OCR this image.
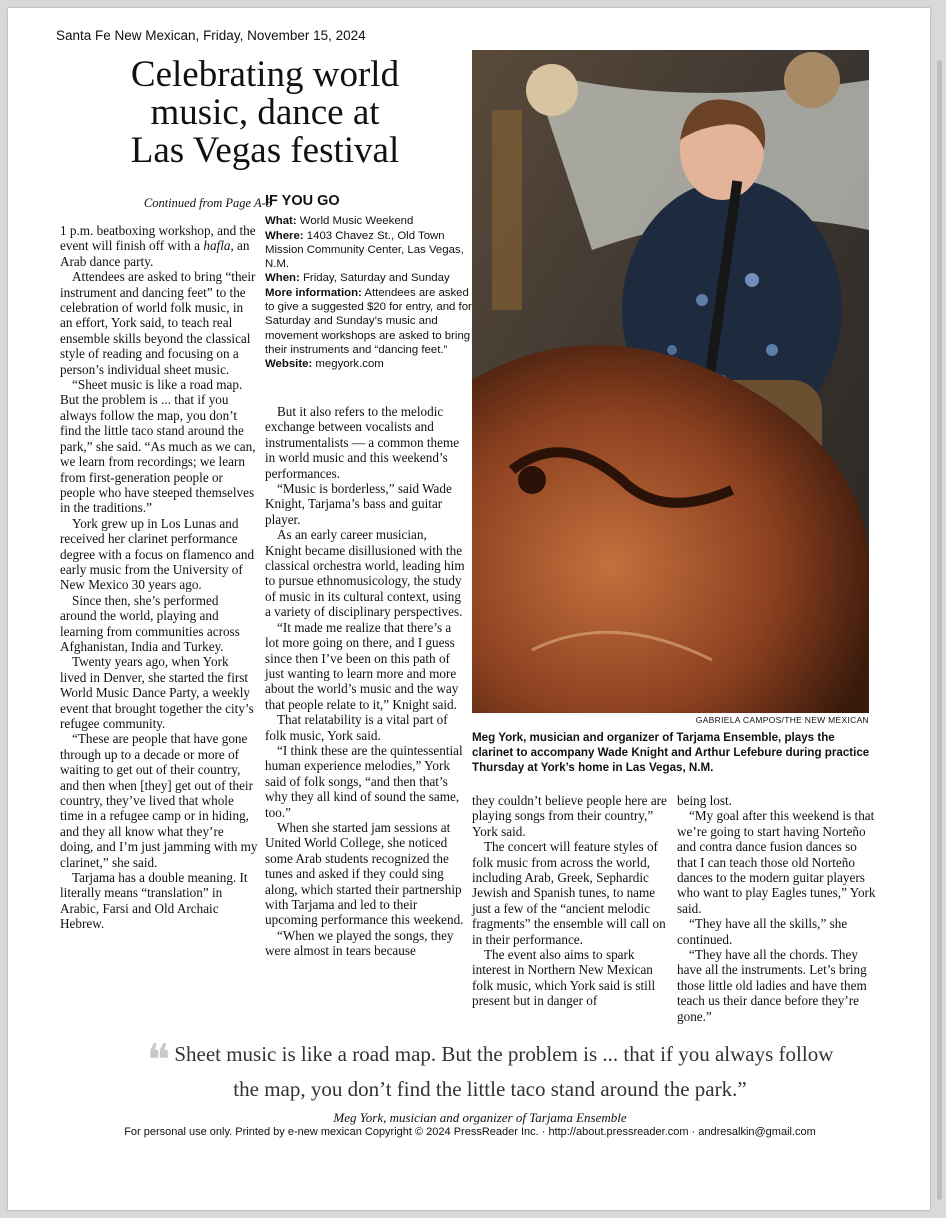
Santa Fe New Mexican, Friday, November 15, 2024
Celebrating world
music, dance at
Las Vegas festival
Continued from Page A-8

1 p.m. beatboxing workshop, and the event will finish off with a hafla, an Arab dance party.

Attendees are asked to bring “their instrument and dancing feet” to the celebration of world folk music, in an effort, York said, to teach real ensemble skills beyond the classical style of reading and focusing on a person’s individual sheet music.

“Sheet music is like a road map. But the problem is ... that if you always follow the map, you don’t find the little taco stand around the park,” she said. “As much as we can, we learn from recordings; we learn from first-generation people or people who have steeped themselves in the traditions.”

York grew up in Los Lunas and received her clarinet performance degree with a focus on flamenco and early music from the University of New Mexico 30 years ago.

Since then, she’s performed around the world, playing and learning from communities across Afghanistan, India and Turkey.

Twenty years ago, when York lived in Denver, she started the first World Music Dance Party, a weekly event that brought together the city’s refugee community.

“These are people that have gone through up to a decade or more of waiting to get out of their country, and then when [they] get out of their country, they’ve lived that whole time in a refugee camp or in hiding, and they all know what they’re doing, and I’m just jamming with my clarinet,” she said.

Tarjama has a double meaning. It literally means “translation” in Arabic, Farsi and Old Archaic Hebrew.

IF YOU GO

What: World Music Weekend

Where: 1403 Chavez St., Old Town Mission Community Center, Las Vegas, N.M.

When: Friday, Saturday and Sunday

More information: Attendees are asked to give a suggested $20 for entry, and for Saturday and Sunday’s music and movement workshops are asked to bring their instruments and “dancing feet.”

Website: megyork.com

But it also refers to the melodic exchange between vocalists and instrumentalists — a common theme in world music and this weekend’s performances.

“Music is borderless,” said Wade Knight, Tarjama’s bass and guitar player.

As an early career musician, Knight became disillusioned with the classical orchestra world, leading him to pursue ethnomusicology, the study of music in its cultural context, using a variety of disciplinary perspectives.

“It made me realize that there’s a lot more going on there, and I guess since then I’ve been on this path of just wanting to learn more and more about the world’s music and the way that people relate to it,” Knight said.

That relatability is a vital part of folk music, York said.

“I think these are the quintessential human experience melodies,” York said of folk songs, “and then that’s why they all kind of sound the same, too.”

When she started jam sessions at United World College, she noticed some Arab students recognized the tunes and asked if they could sing along, which started their partnership with Tarjama and led to their upcoming performance this weekend.

“When we played the songs, they were almost in tears because

GABRIELA CAMPOS/THE NEW MEXICAN
Meg York, musician and organizer of Tarjama Ensemble, plays the clarinet to accompany Wade Knight and Arthur Lefebure during practice Thursday at York’s home in Las Vegas, N.M.

they couldn’t believe people here are playing songs from their country,” York said.

The concert will feature styles of folk music from across the world, including Arab, Greek, Sephardic Jewish and Spanish tunes, to name just a few of the “ancient melodic fragments” the ensemble will call on in their performance.

The event also aims to spark interest in Northern New Mexican folk music, which York said is still present but in danger of

being lost.

“My goal after this weekend is that we’re going to start having Norteño and contra dance fusion dances so that I can teach those old Norteño dances to the modern guitar players who want to play Eagles tunes,” York said.

“They have all the skills,” she continued.

“They have all the chords. They have all the instruments. Let’s bring those little old ladies and have them teach us their dance before they’re gone.”

❝ Sheet music is like a road map. But the problem is ... that if you always follow
the map, you don’t find the little taco stand around the park.”
Meg York, musician and organizer of Tarjama Ensemble
For personal use only. Printed by e-new mexican Copyright © 2024 PressReader Inc. · http://about.pressreader.com · andresalkin@gmail.com
